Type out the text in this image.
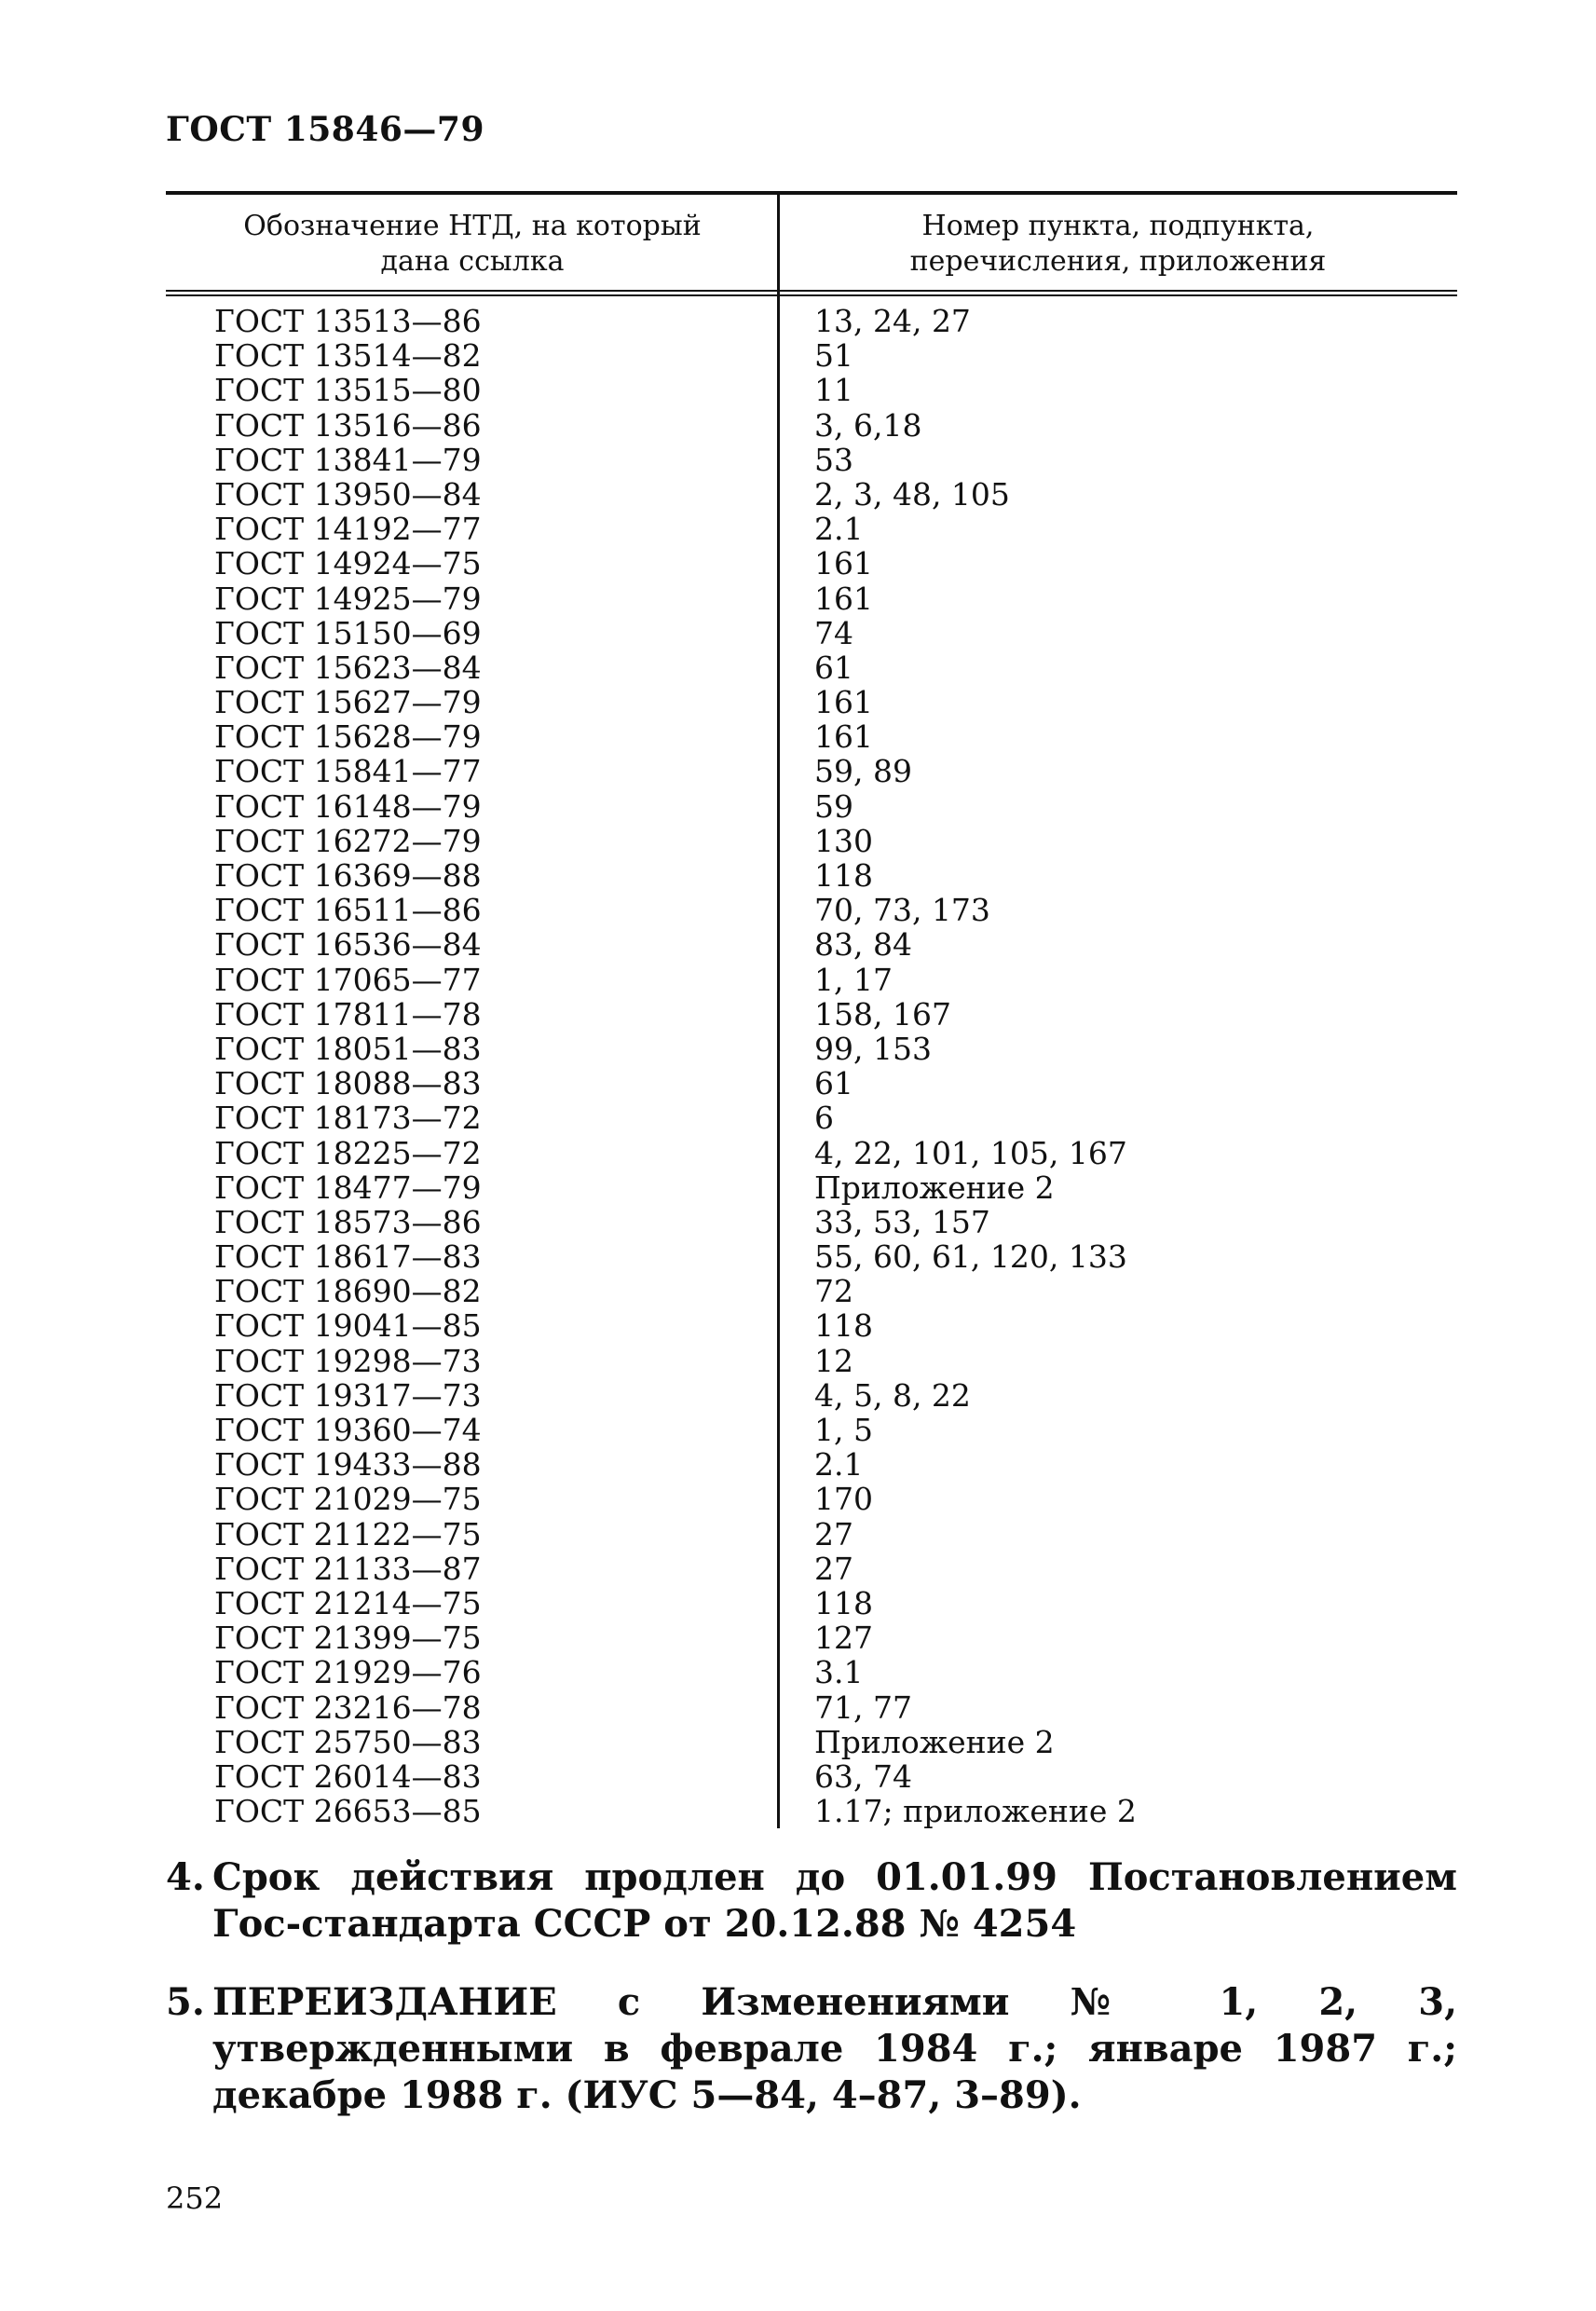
ГОСТ 15846—79
Обозначение НТД, на который
дана ссылка
Номер пункта, подпункта,
перечисления, приложения
ГОСТ 13513—86
ГОСТ 13514—82
ГОСТ 13515—80
ГОСТ 13516—86
ГОСТ 13841—79
ГОСТ 13950—84
ГОСТ 14192—77
ГОСТ 14924—75
ГОСТ 14925—79
ГОСТ 15150—69
ГОСТ 15623—84
ГОСТ 15627—79
ГОСТ 15628—79
ГОСТ 15841—77
ГОСТ 16148—79
ГОСТ 16272—79
ГОСТ 16369—88
ГОСТ 16511—86
ГОСТ 16536—84
ГОСТ 17065—77
ГОСТ 17811—78
ГОСТ 18051—83
ГОСТ 18088—83
ГОСТ 18173—72
ГОСТ 18225—72
ГОСТ 18477—79
ГОСТ 18573—86
ГОСТ 18617—83
ГОСТ 18690—82
ГОСТ 19041—85
ГОСТ 19298—73
ГОСТ 19317—73
ГОСТ 19360—74
ГОСТ 19433—88
ГОСТ 21029—75
ГОСТ 21122—75
ГОСТ 21133—87
ГОСТ 21214—75
ГОСТ 21399—75
ГОСТ 21929—76
ГОСТ 23216—78
ГОСТ 25750—83
ГОСТ 26014—83
ГОСТ 26653—85
13, 24, 27
51
11
3, 6,18
53
2, 3, 48, 105
2.1
161
161
74
61
161
161
59, 89
59
130
118
70, 73, 173
83, 84
1, 17
158, 167
99, 153
61
6
4, 22, 101, 105, 167
Приложение 2
33, 53, 157
55, 60, 61, 120, 133
72
118
12
4, 5, 8, 22
1, 5
2.1
170
27
27
118
127
3.1
71, 77
Приложение 2
63, 74
1.17; приложение 2
4. Срок действия продлен до 01.01.99 Постановлением Гос-стандарта СССР от 20.12.88 № 4254
5. ПЕРЕИЗДАНИЕ с Изменениями № 1, 2, 3, утвержденными в феврале 1984 г.; январе 1987 г.; декабре 1988 г. (ИУС 5—84, 4–87, 3–89).
252
